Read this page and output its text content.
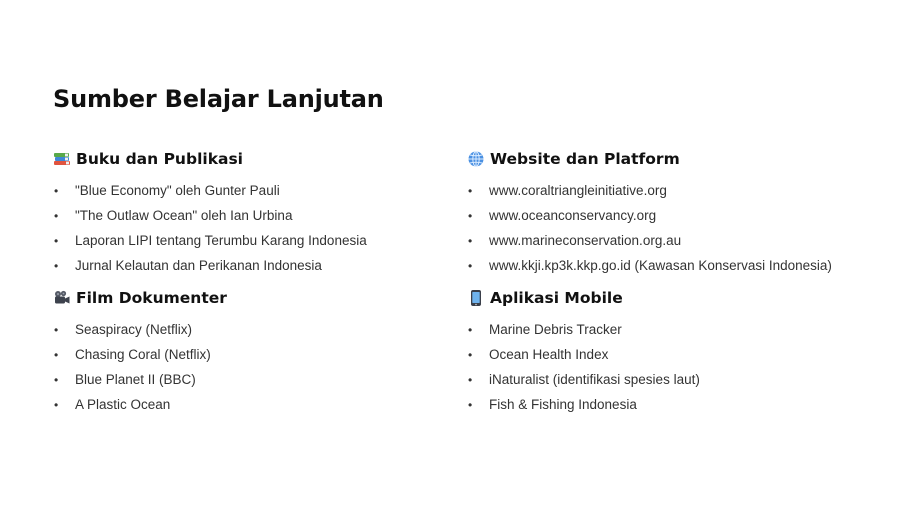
Sumber Belajar Lanjutan
Buku dan Publikasi
•	"Blue Economy" oleh Gunter Pauli
•	"The Outlaw Ocean" oleh Ian Urbina
•	Laporan LIPI tentang Terumbu Karang Indonesia
•	Jurnal Kelautan dan Perikanan Indonesia
Website dan Platform
•	www.coraltriangleinitiative.org
•	www.oceanconservancy.org
•	www.marineconservation.org.au
•	www.kkji.kp3k.kkp.go.id (Kawasan Konservasi Indonesia)
Film Dokumenter
•	Seaspiracy (Netflix)
•	Chasing Coral (Netflix)
•	Blue Planet II (BBC)
•	A Plastic Ocean
Aplikasi Mobile
•	Marine Debris Tracker
•	Ocean Health Index
•	iNaturalist (identifikasi spesies laut)
•	Fish & Fishing Indonesia
